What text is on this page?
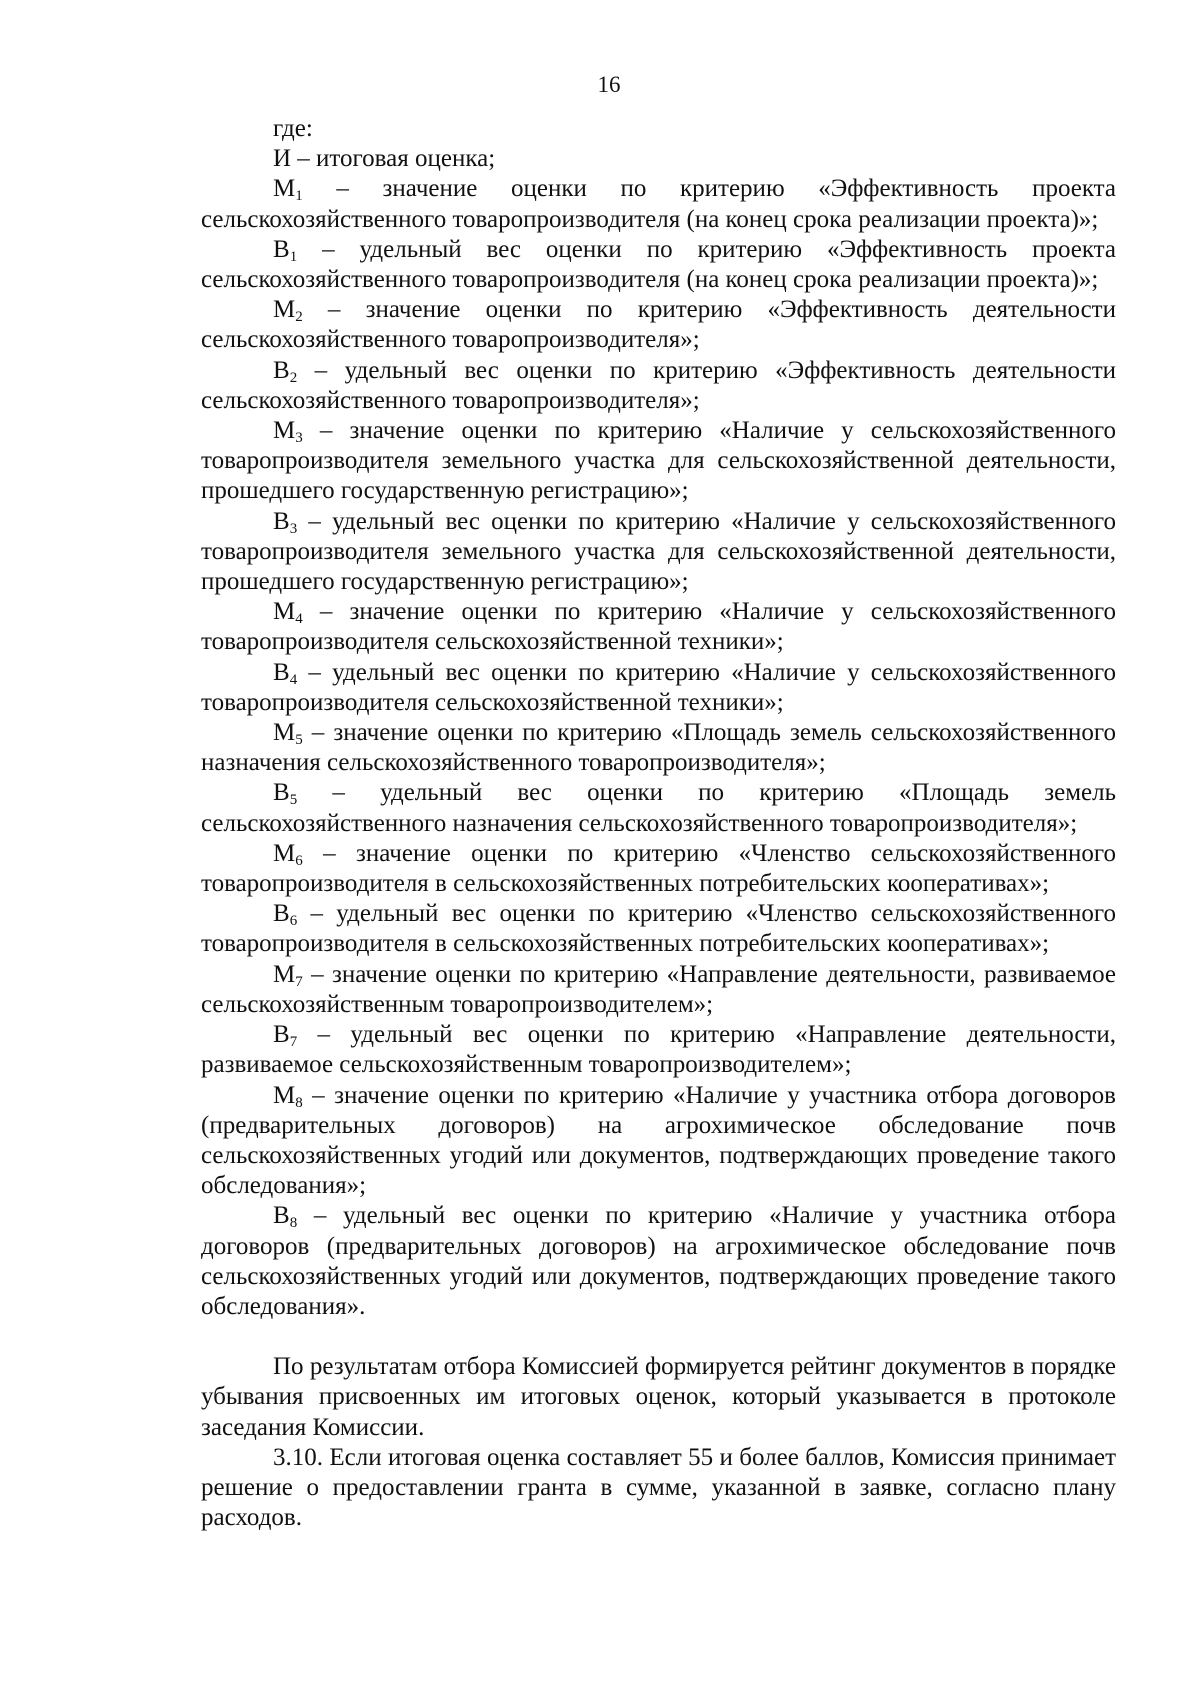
16

где:

И – итоговая оценка;

$М_1$ – значение оценки по критерию «Эффективность проекта сельскохозяйственного товаропроизводителя (на конец срока реализации проекта)»;

$В_1$ – удельный вес оценки по критерию «Эффективность проекта сельскохозяйственного товаропроизводителя (на конец срока реализации проекта)»;

$М_2$ – значение оценки по критерию «Эффективность деятельности сельскохозяйственного товаропроизводителя»;

$В_2$ – удельный вес оценки по критерию «Эффективность деятельности сельскохозяйственного товаропроизводителя»;

$М_3$ – значение оценки по критерию «Наличие у сельскохозяйственного товаропроизводителя земельного участка для сельскохозяйственной деятельности, прошедшего государственную регистрацию»;

$В_3$ – удельный вес оценки по критерию «Наличие у сельскохозяйственного товаропроизводителя земельного участка для сельскохозяйственной деятельности, прошедшего государственную регистрацию»;

$М_4$ – значение оценки по критерию «Наличие у сельскохозяйственного товаропроизводителя сельскохозяйственной техники»;

$В_4$ – удельный вес оценки по критерию «Наличие у сельскохозяйственного товаропроизводителя сельскохозяйственной техники»;

$М_5$ – значение оценки по критерию «Площадь земель сельскохозяйственного назначения сельскохозяйственного товаропроизводителя»;

$В_5$ – удельный вес оценки по критерию «Площадь земель сельскохозяйственного назначения сельскохозяйственного товаропроизводителя»;

$М_6$ – значение оценки по критерию «Членство сельскохозяйственного товаропроизводителя в сельскохозяйственных потребительских кооперативах»;

$В_6$ – удельный вес оценки по критерию «Членство сельскохозяйственного товаропроизводителя в сельскохозяйственных потребительских кооперативах»;

$М_7$ – значение оценки по критерию «Направление деятельности, развиваемое сельскохозяйственным товаропроизводителем»;

$В_7$ – удельный вес оценки по критерию «Направление деятельности, развиваемое сельскохозяйственным товаропроизводителем»;

$М_8$ – значение оценки по критерию «Наличие у участника отбора договоров (предварительных договоров) на агрохимическое обследование почв сельскохозяйственных угодий или документов, подтверждающих проведение такого обследования»;

$В_8$ – удельный вес оценки по критерию «Наличие у участника отбора договоров (предварительных договоров) на агрохимическое обследование почв сельскохозяйственных угодий или документов, подтверждающих проведение такого обследования».

По результатам отбора Комиссией формируется рейтинг документов в порядке убывания присвоенных им итоговых оценок, который указывается в протоколе заседания Комиссии.

3.10. Если итоговая оценка составляет 55 и более баллов, Комиссия принимает решение о предоставлении гранта в сумме, указанной в заявке, согласно плану расходов.
